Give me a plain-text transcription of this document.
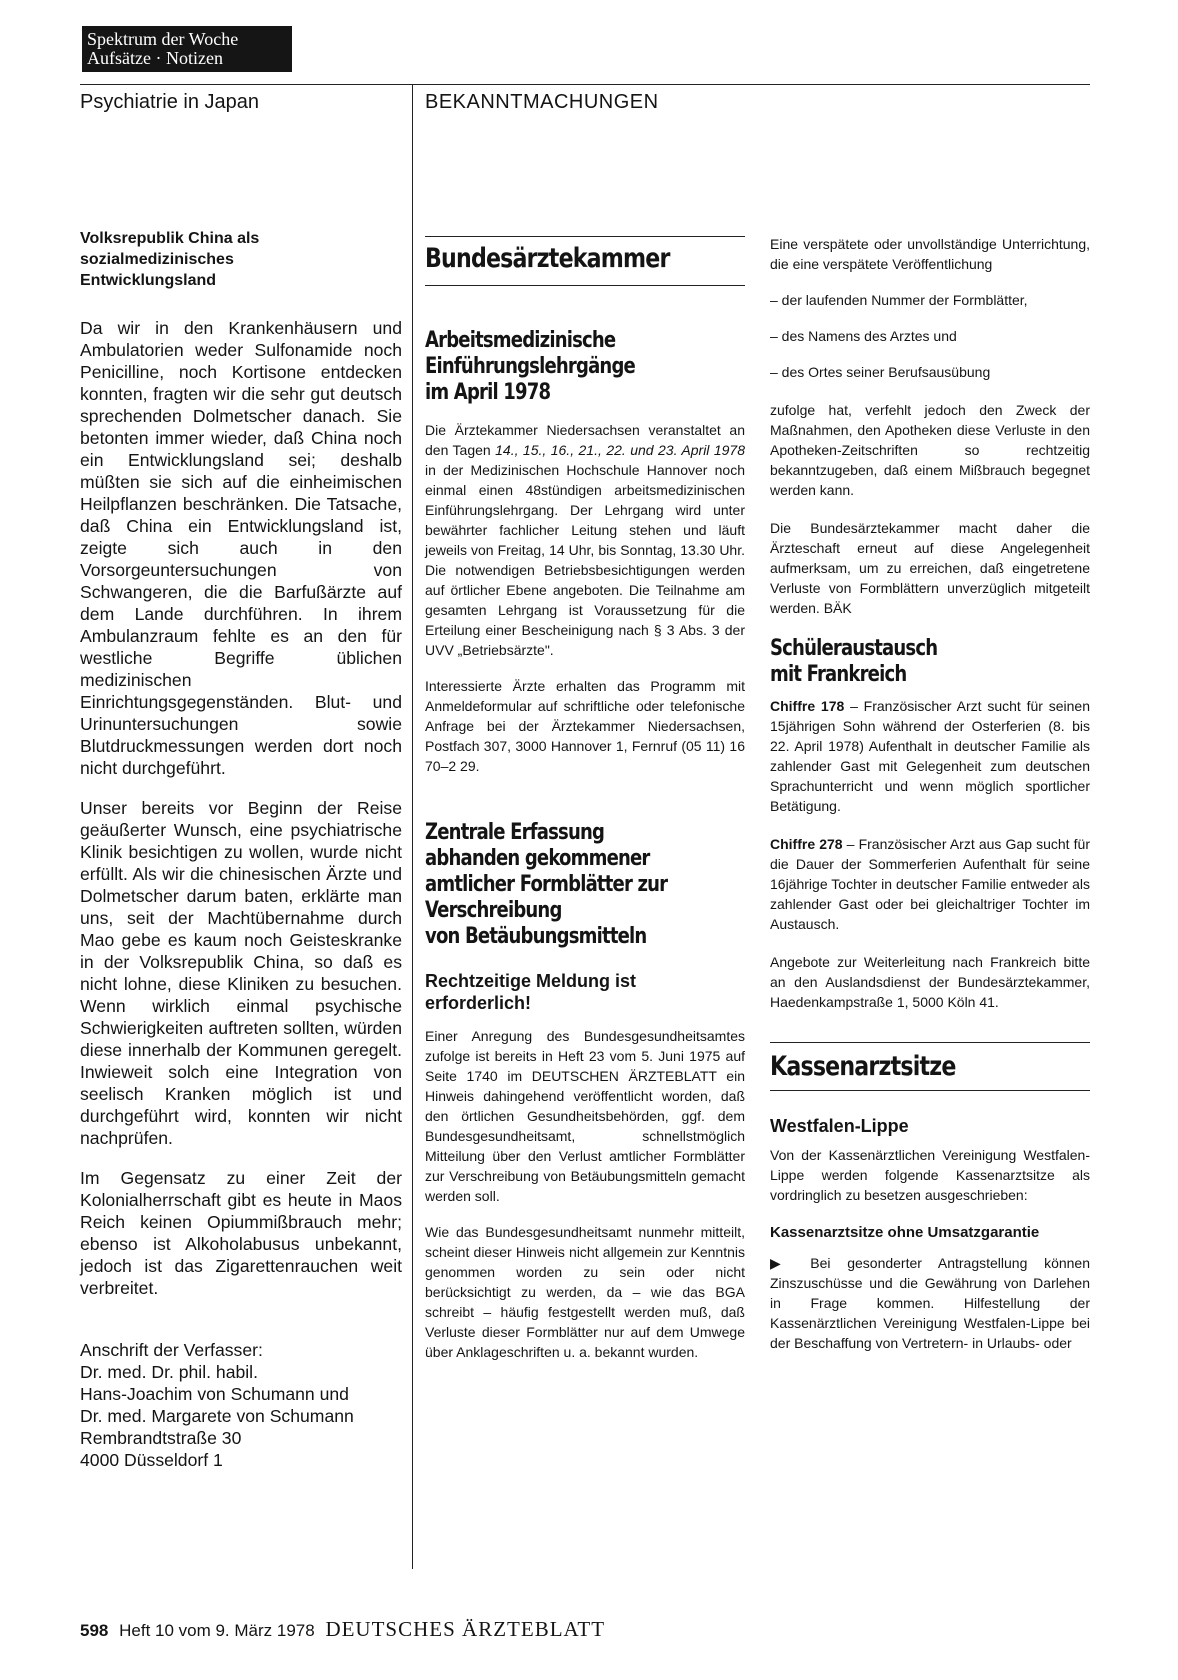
Spektrum der Woche
Aufsätze · Notizen
Psychiatrie in Japan	BEKANNTMACHUNGEN

Volksrepublik China als sozialmedizinisches Entwicklungsland

Da wir in den Krankenhäusern und Ambulatorien weder Sulfonamide noch Penicilline, noch Kortisone entdecken konnten, fragten wir die sehr gut deutsch sprechenden Dolmetscher danach. Sie betonten immer wieder, daß China noch ein Entwicklungsland sei; deshalb müßten sie sich auf die einheimischen Heilpflanzen beschränken. Die Tatsache, daß China ein Entwicklungsland ist, zeigte sich auch in den Vorsorgeuntersuchungen von Schwangeren, die die Barfußärzte auf dem Lande durchführen. In ihrem Ambulanzraum fehlte es an den für westliche Begriffe üblichen medizinischen Einrichtungsgegenständen. Blut- und Urinuntersuchungen sowie Blutdruckmessungen werden dort noch nicht durchgeführt.

Unser bereits vor Beginn der Reise geäußerter Wunsch, eine psychiatrische Klinik besichtigen zu wollen, wurde nicht erfüllt. Als wir die chinesischen Ärzte und Dolmetscher darum baten, erklärte man uns, seit der Machtübernahme durch Mao gebe es kaum noch Geisteskranke in der Volksrepublik China, so daß es nicht lohne, diese Kliniken zu besuchen. Wenn wirklich einmal psychische Schwierigkeiten auftreten sollten, würden diese innerhalb der Kommunen geregelt. Inwieweit solch eine Integration von seelisch Kranken möglich ist und durchgeführt wird, konnten wir nicht nachprüfen.

Im Gegensatz zu einer Zeit der Kolonialherrschaft gibt es heute in Maos Reich keinen Opiummißbrauch mehr; ebenso ist Alkoholabusus unbekannt, jedoch ist das Zigarettenrauchen weit verbreitet.

Anschrift der Verfasser:
Dr. med. Dr. phil. habil.
Hans-Joachim von Schumann und
Dr. med. Margarete von Schumann
Rembrandtstraße 30
4000 Düsseldorf 1
Bundesärztekammer
Arbeitsmedizinische
Einführungslehrgänge
im April 1978

Die Ärztekammer Niedersachsen veranstaltet an den Tagen 14., 15., 16., 21., 22. und 23. April 1978 in der Medizinischen Hochschule Hannover noch einmal einen 48stündigen arbeitsmedizinischen Einführungslehrgang. Der Lehrgang wird unter bewährter fachlicher Leitung stehen und läuft jeweils von Freitag, 14 Uhr, bis Sonntag, 13.30 Uhr. Die notwendigen Betriebsbesichtigungen werden auf örtlicher Ebene angeboten. Die Teilnahme am gesamten Lehrgang ist Voraussetzung für die Erteilung einer Bescheinigung nach § 3 Abs. 3 der UVV „Betriebsärzte".

Interessierte Ärzte erhalten das Programm mit Anmeldeformular auf schriftliche oder telefonische Anfrage bei der Ärztekammer Niedersachsen, Postfach 307, 3000 Hannover 1, Fernruf (05 11) 16 70–2 29.

Zentrale Erfassung
abhanden gekommener
amtlicher Formblätter zur
Verschreibung
von Betäubungsmitteln

Rechtzeitige Meldung ist erforderlich!

Einer Anregung des Bundesgesundheitsamtes zufolge ist bereits in Heft 23 vom 5. Juni 1975 auf Seite 1740 im DEUTSCHEN ÄRZTEBLATT ein Hinweis dahingehend veröffentlicht worden, daß den örtlichen Gesundheitsbehörden, ggf. dem Bundesgesundheitsamt, schnellstmöglich Mitteilung über den Verlust amtlicher Formblätter zur Verschreibung von Betäubungsmitteln gemacht werden soll.

Wie das Bundesgesundheitsamt nunmehr mitteilt, scheint dieser Hinweis nicht allgemein zur Kenntnis genommen worden zu sein oder nicht berücksichtigt zu werden, da – wie das BGA schreibt – häufig festgestellt werden muß, daß Verluste dieser Formblätter nur auf dem Umwege über Anklageschriften u. a. bekannt wurden.

Eine verspätete oder unvollständige Unterrichtung, die eine verspätete Veröffentlichung

– der laufenden Nummer der Formblätter,

– des Namens des Arztes und

– des Ortes seiner Berufsausübung

zufolge hat, verfehlt jedoch den Zweck der Maßnahmen, den Apotheken diese Verluste in den Apotheken-Zeitschriften so rechtzeitig bekanntzugeben, daß einem Mißbrauch begegnet werden kann.

Die Bundesärztekammer macht daher die Ärzteschaft erneut auf diese Angelegenheit aufmerksam, um zu erreichen, daß eingetretene Verluste von Formblättern unverzüglich mitgeteilt werden. BÄK

Schüleraustausch
mit Frankreich

Chiffre 178 – Französischer Arzt sucht für seinen 15jährigen Sohn während der Osterferien (8. bis 22. April 1978) Aufenthalt in deutscher Familie als zahlender Gast mit Gelegenheit zum deutschen Sprachunterricht und wenn möglich sportlicher Betätigung.

Chiffre 278 – Französischer Arzt aus Gap sucht für die Dauer der Sommerferien Aufenthalt für seine 16jährige Tochter in deutscher Familie entweder als zahlender Gast oder bei gleichaltriger Tochter im Austausch.

Angebote zur Weiterleitung nach Frankreich bitte an den Auslandsdienst der Bundesärztekammer, Haedenkampstraße 1, 5000 Köln 41.

Kassenarztsitze

Westfalen-Lippe

Von der Kassenärztlichen Vereinigung Westfalen-Lippe werden folgende Kassenarztsitze als vordringlich zu besetzen ausgeschrieben:

Kassenarztsitze ohne Umsatzgarantie

▶ Bei gesonderter Antragstellung können Zinszuschüsse und die Gewährung von Darlehen in Frage kommen. Hilfestellung der Kassenärztlichen Vereinigung Westfalen-Lippe bei der Beschaffung von Vertretern- in Urlaubs- oder

598 Heft 10 vom 9. März 1978 DEUTSCHES ÄRZTEBLATT
